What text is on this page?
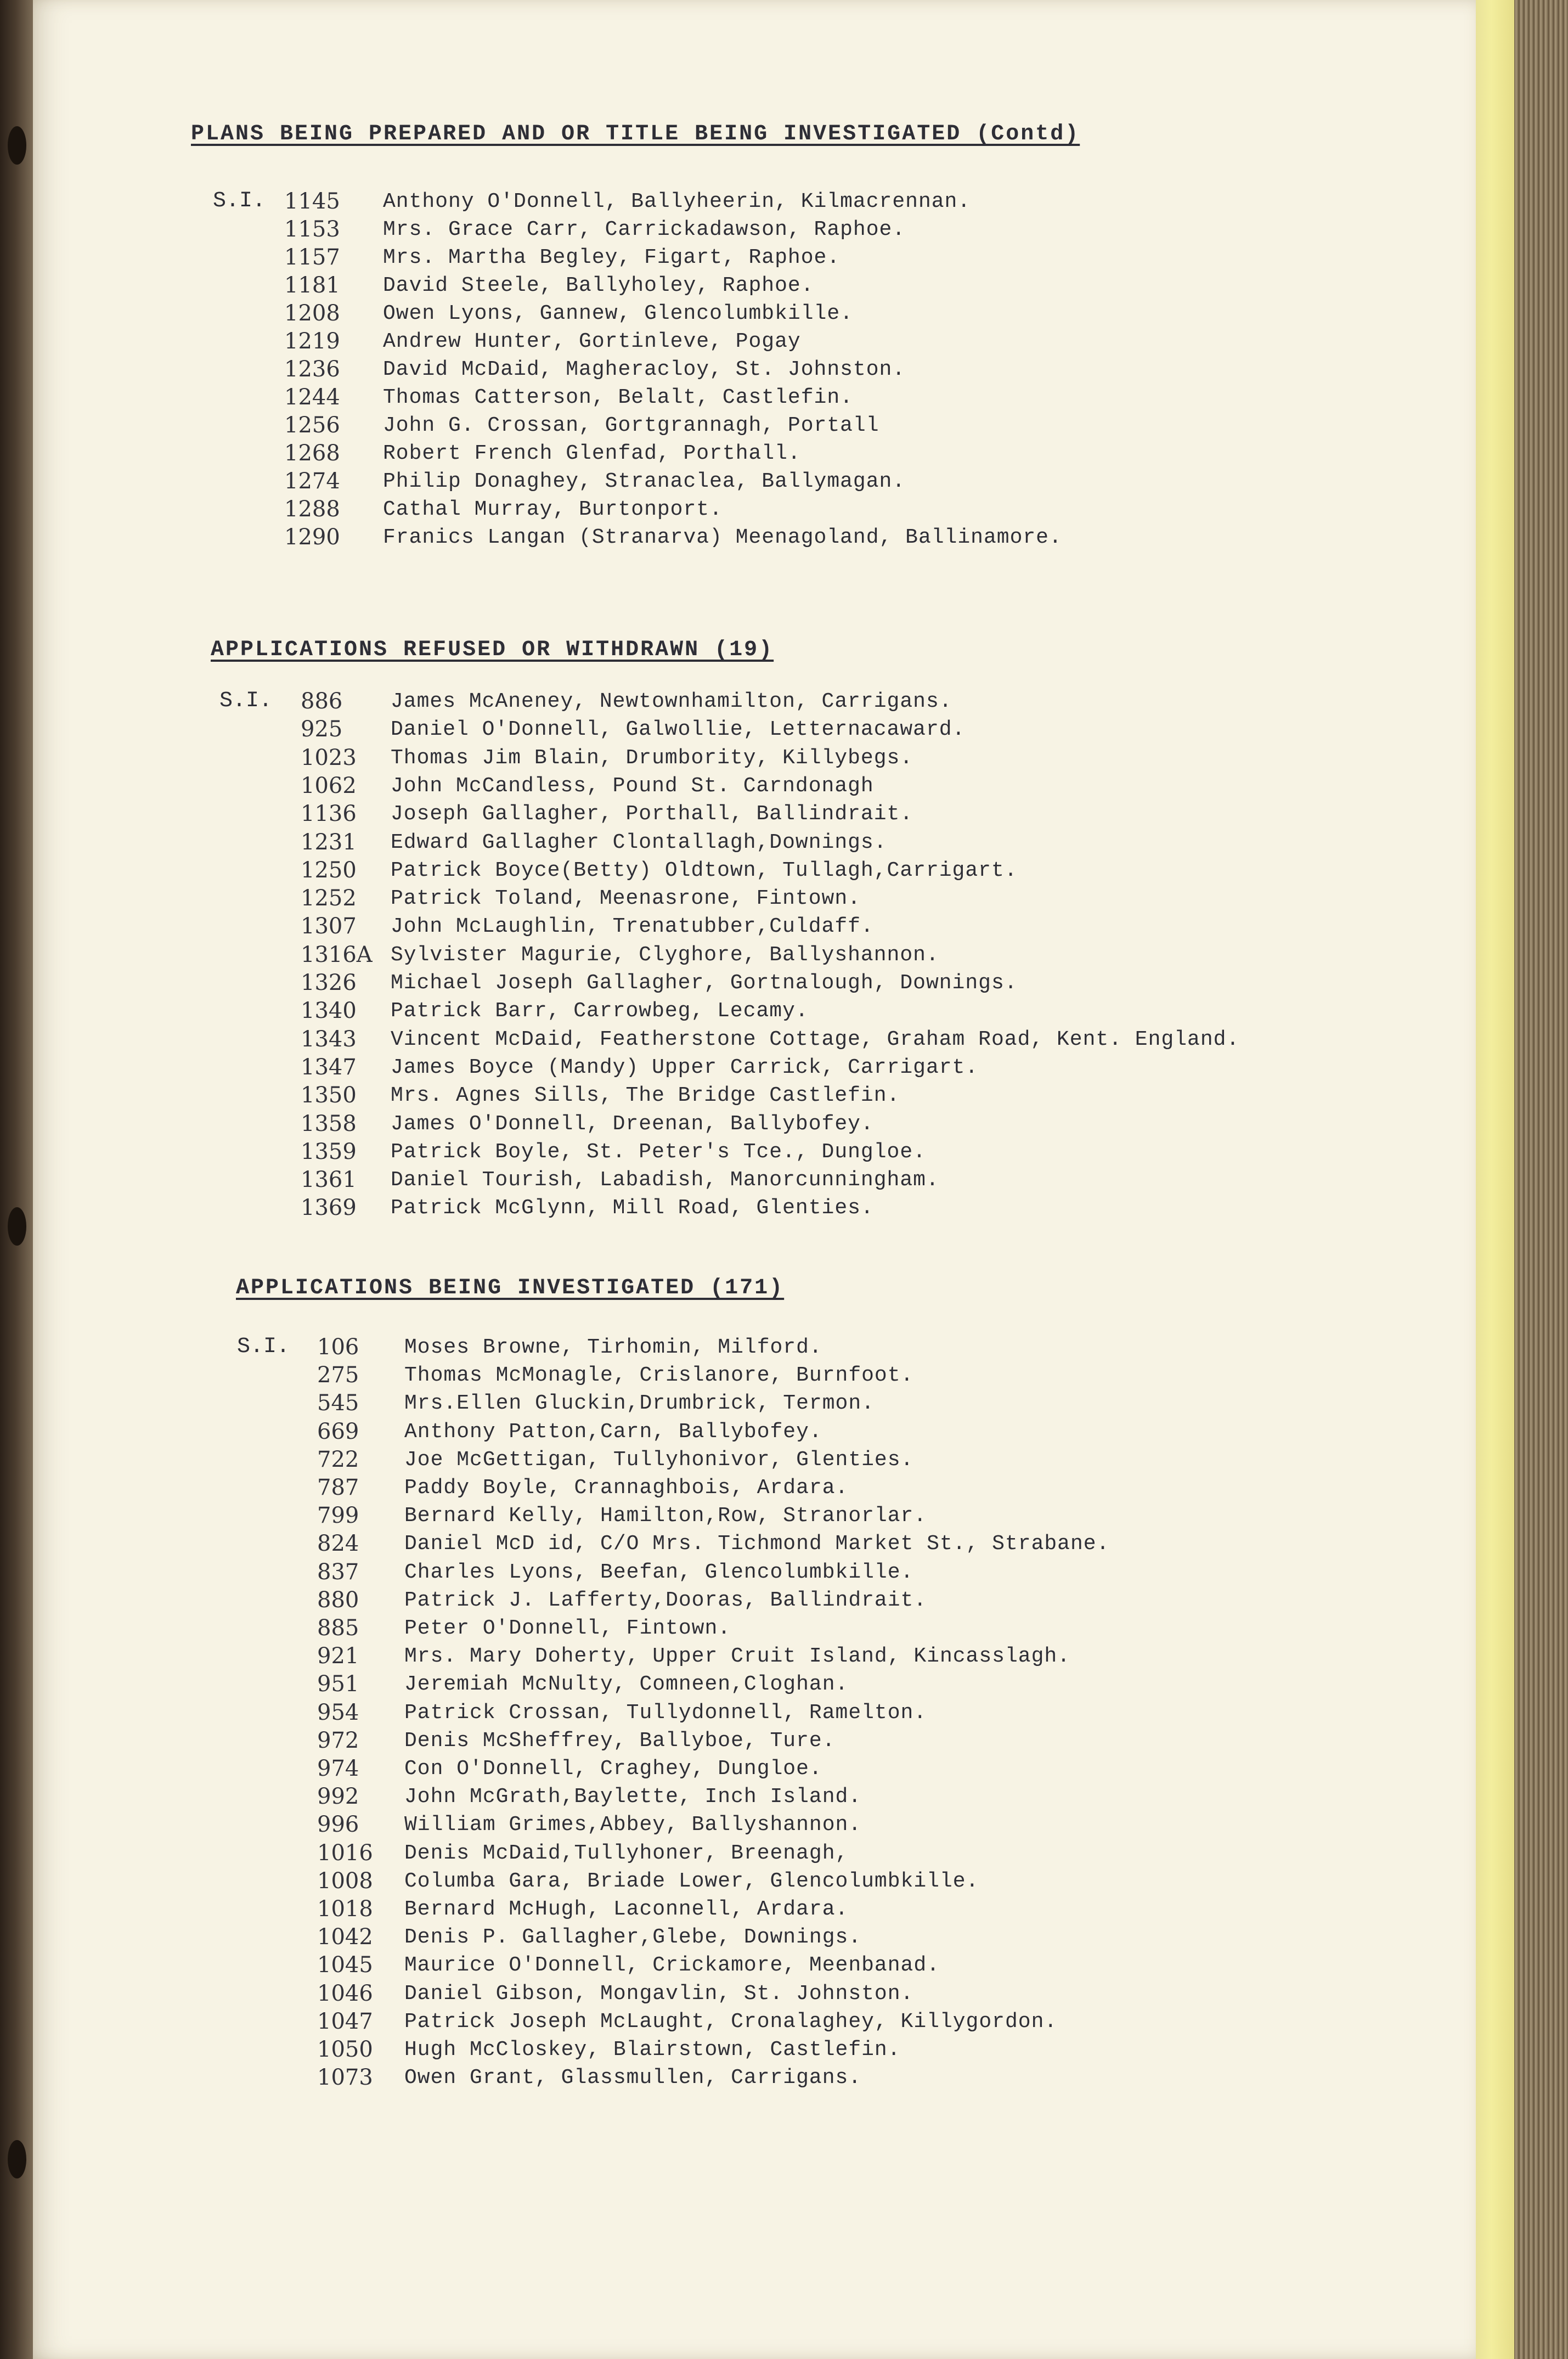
PLANS BEING PREPARED AND OR TITLE BEING INVESTIGATED (Contd)
S.I. 1145 Anthony O'Donnell, Ballyheerin, Kilmacrennan.
1153 Mrs. Grace Carr, Carrickadawson, Raphoe.
1157 Mrs. Martha Begley, Figart, Raphoe.
1181 David Steele, Ballyholey, Raphoe.
1208 Owen Lyons, Gannew, Glencolumbkille.
1219 Andrew Hunter, Gortinleve, Pogay
1236 David McDaid, Magheracloy, St. Johnston.
1244 Thomas Catterson, Belalt, Castlefin.
1256 John G. Crossan, Gortgrannagh, Portall
1268 Robert French Glenfad, Porthall.
1274 Philip Donaghey, Stranaclea, Ballymagan.
1288 Cathal Murray, Burtonport.
1290 Franics Langan (Stranarva) Meenagoland, Ballinamore.
APPLICATIONS REFUSED OR WITHDRAWN (19)
S.I. 886 James McAneney, Newtownhamilton, Carrigans.
925 Daniel O'Donnell, Galwollie, Letternacaward.
1023 Thomas Jim Blain, Drumbority, Killybegs.
1062 John McCandless, Pound St. Carndonagh
1136 Joseph Gallagher, Porthall, Ballindrait.
1231 Edward Gallagher Clontallagh,Downings.
1250 Patrick Boyce(Betty) Oldtown, Tullagh,Carrigart.
1252 Patrick Toland, Meenasrone, Fintown.
1307 John McLaughlin, Trenatubber,Culdaff.
1316A Sylvister Magurie, Clyghore, Ballyshannon.
1326 Michael Joseph Gallagher, Gortnalough, Downings.
1340 Patrick Barr, Carrowbeg, Lecamy.
1343 Vincent McDaid, Featherstone Cottage, Graham Road, Kent. England.
1347 James Boyce (Mandy) Upper Carrick, Carrigart.
1350 Mrs. Agnes Sills, The Bridge Castlefin.
1358 James O'Donnell, Dreenan, Ballybofey.
1359 Patrick Boyle, St. Peter's Tce., Dungloe.
1361 Daniel Tourish, Labadish, Manorcunningham.
1369 Patrick McGlynn, Mill Road, Glenties.
APPLICATIONS BEING INVESTIGATED (171)
S.I. 106 Moses Browne, Tirhomin, Milford.
275 Thomas McMonagle, Crislanore, Burnfoot.
545 Mrs.Ellen Gluckin,Drumbrick, Termon.
669 Anthony Patton,Carn, Ballybofey.
722 Joe McGettigan, Tullyhonivor, Glenties.
787 Paddy Boyle, Crannaghbois, Ardara.
799 Bernard Kelly, Hamilton,Row, Stranorlar.
824 Daniel McD id, C/O Mrs. Tichmond Market St., Strabane.
837 Charles Lyons, Beefan, Glencolumbkille.
880 Patrick J. Lafferty,Dooras, Ballindrait.
885 Peter O'Donnell, Fintown.
921 Mrs. Mary Doherty, Upper Cruit Island, Kincasslagh.
951 Jeremiah McNulty, Comneen,Cloghan.
954 Patrick Crossan, Tullydonnell, Ramelton.
972 Denis McSheffrey, Ballyboe, Ture.
974 Con O'Donnell, Craghey, Dungloe.
992 John McGrath,Baylette, Inch Island.
996 William Grimes,Abbey, Ballyshannon.
1016 Denis McDaid,Tullyhoner, Breenagh,
1008 Columba Gara, Briade Lower, Glencolumbkille.
1018 Bernard McHugh, Laconnell, Ardara.
1042 Denis P. Gallagher,Glebe, Downings.
1045 Maurice O'Donnell, Crickamore, Meenbanad.
1046 Daniel Gibson, Mongavlin, St. Johnston.
1047 Patrick Joseph McLaught, Cronalaghey, Killygordon.
1050 Hugh McCloskey, Blairstown, Castlefin.
1073 Owen Grant, Glassmullen, Carrigans.
